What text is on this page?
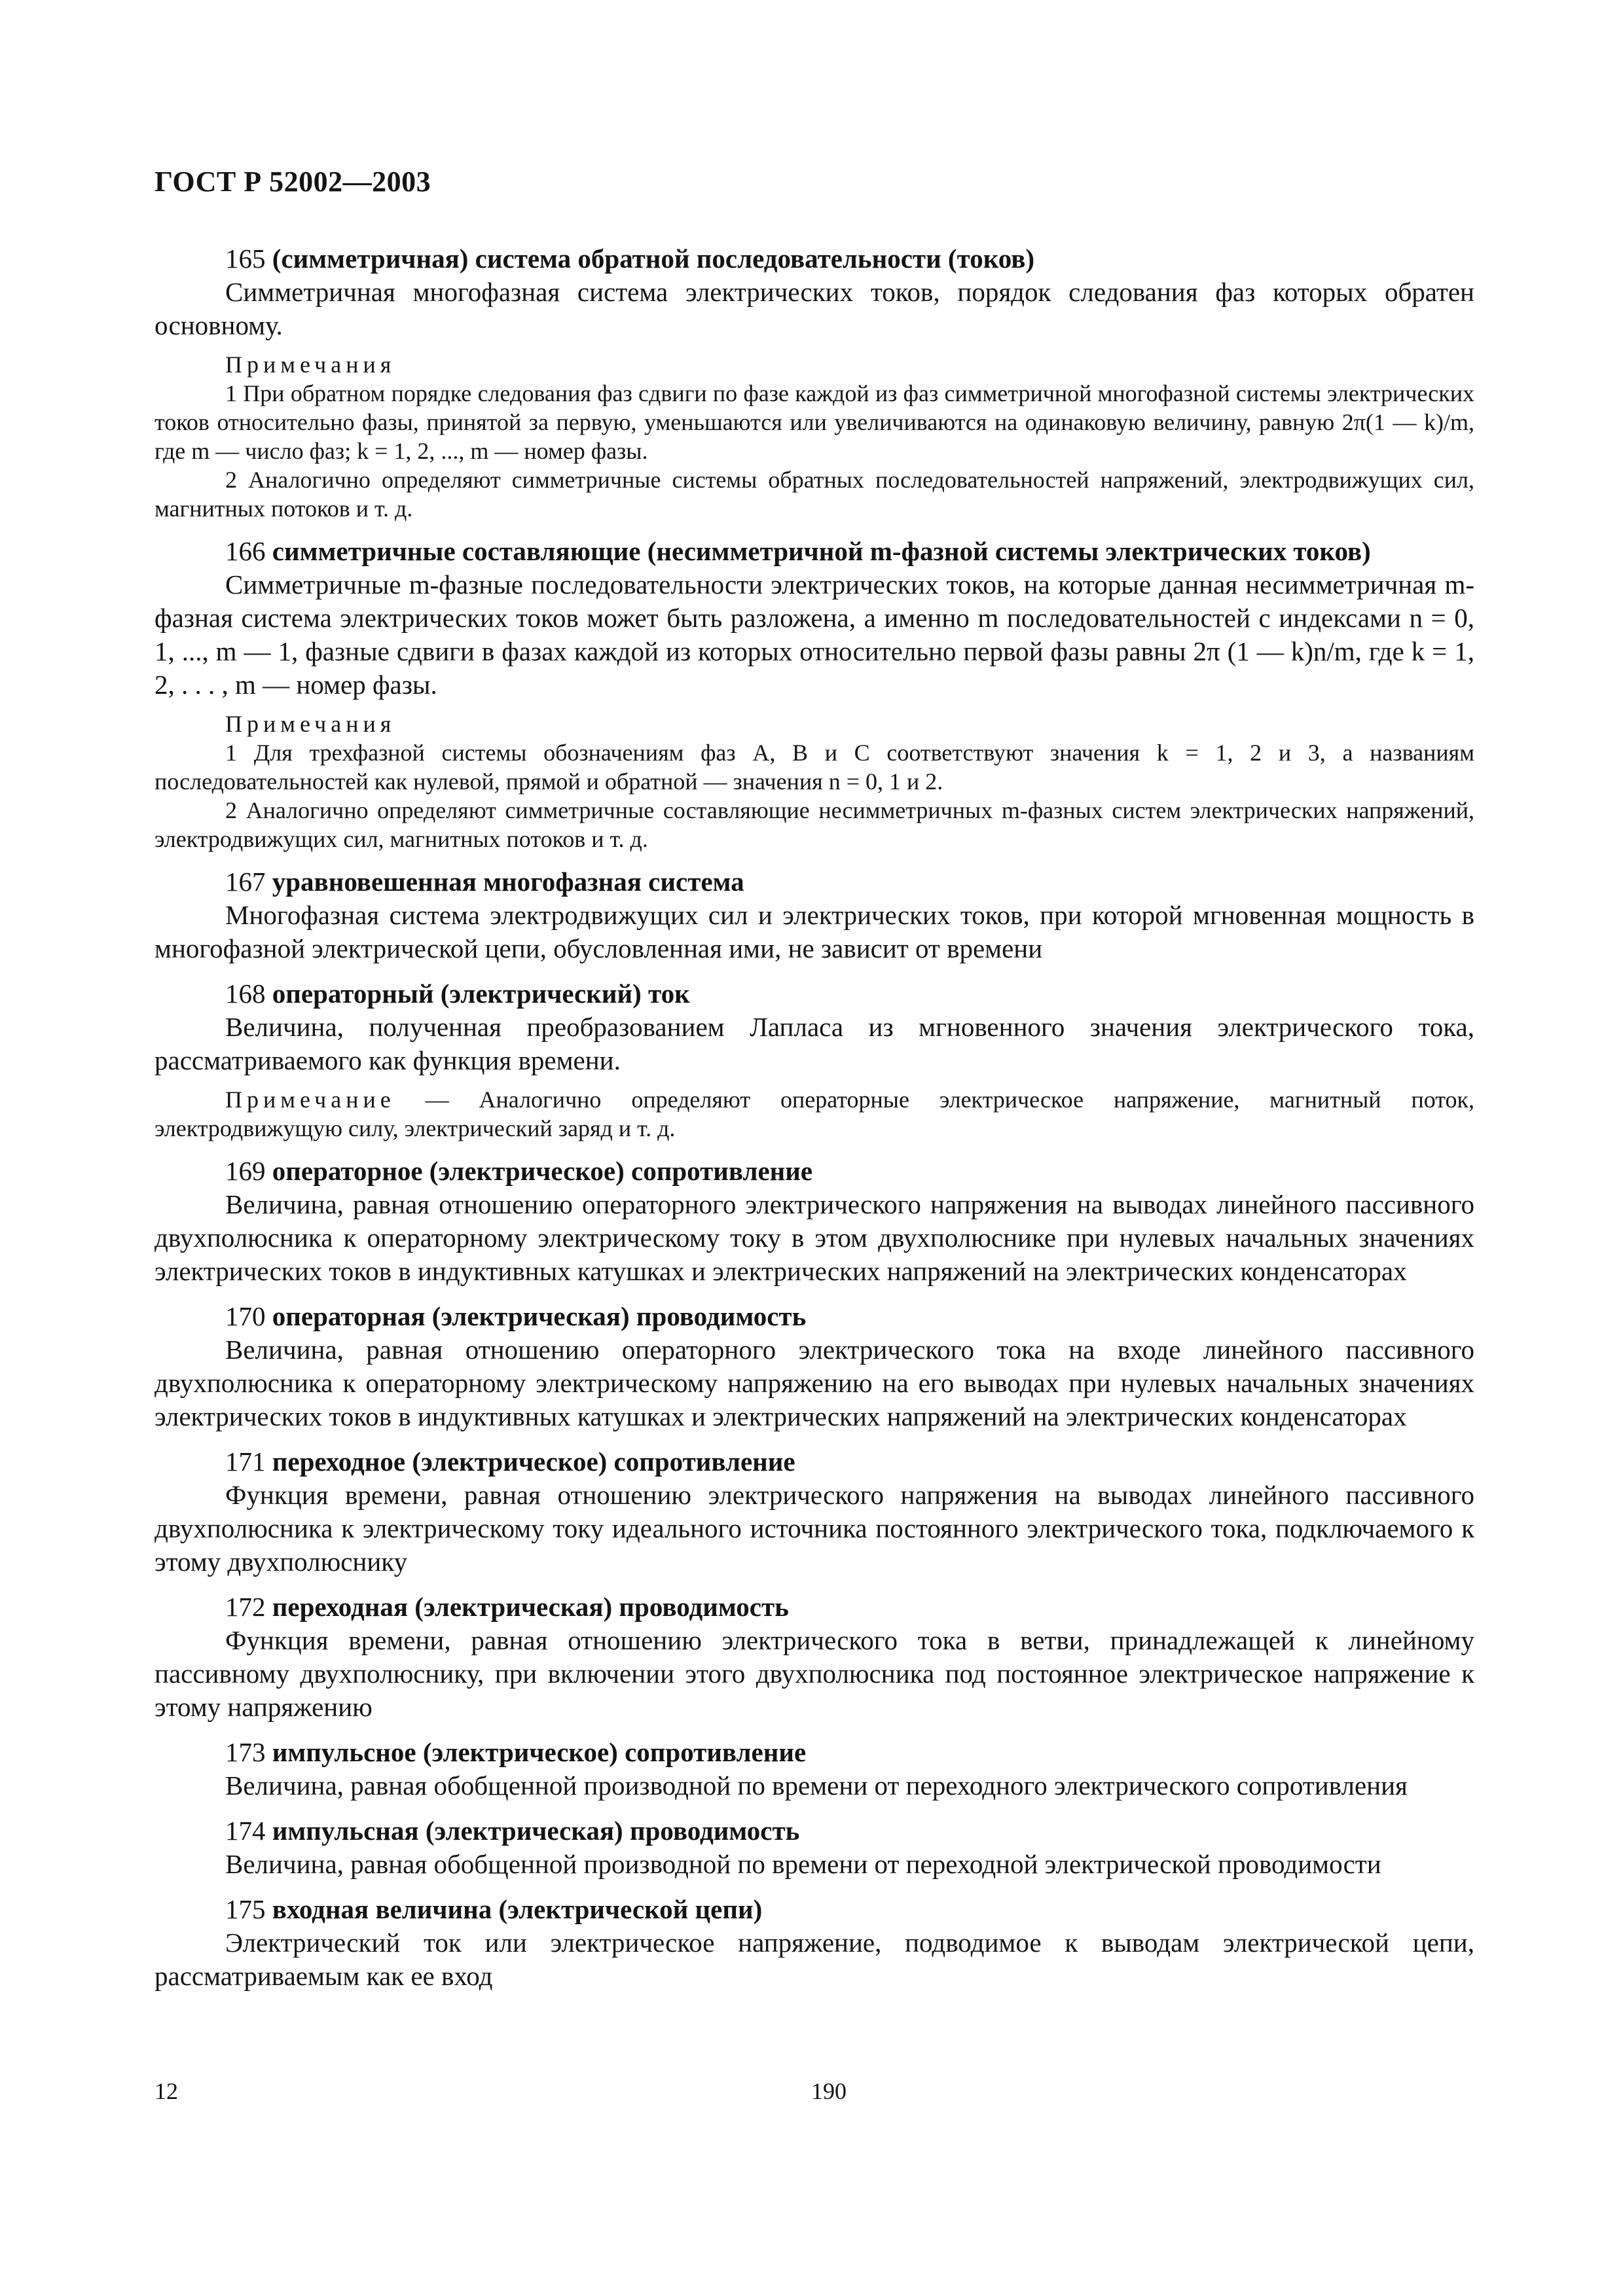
ГОСТ Р 52002—2003

165 (симметричная) система обратной последовательности (токов)

Симметричная многофазная система электрических токов, порядок следования фаз которых обратен основному.

Примечания

1 При обратном порядке следования фаз сдвиги по фазе каждой из фаз симметричной многофазной системы электрических токов относительно фазы, принятой за первую, уменьшаются или увеличиваются на одинаковую величину, равную 2π(1 — k)/m, где m — число фаз; k = 1, 2, ..., m — номер фазы.

2 Аналогично определяют симметричные системы обратных последовательностей напряжений, электродвижущих сил, магнитных потоков и т. д.

166 симметричные составляющие (несимметричной m-фазной системы электрических токов)

Симметричные m-фазные последовательности электрических токов, на которые данная несимметричная m-фазная система электрических токов может быть разложена, а именно m последовательностей с индексами n = 0, 1, ..., m — 1, фазные сдвиги в фазах каждой из которых относительно первой фазы равны 2π (1 — k)n/m, где k = 1, 2, . . . , m — номер фазы.

Примечания

1 Для трехфазной системы обозначениям фаз A, B и C соответствуют значения k = 1, 2 и 3, а названиям последовательностей как нулевой, прямой и обратной — значения n = 0, 1 и 2.

2 Аналогично определяют симметричные составляющие несимметричных m-фазных систем электрических напряжений, электродвижущих сил, магнитных потоков и т. д.

167 уравновешенная многофазная система

Многофазная система электродвижущих сил и электрических токов, при которой мгновенная мощность в многофазной электрической цепи, обусловленная ими, не зависит от времени

168 операторный (электрический) ток

Величина, полученная преобразованием Лапласа из мгновенного значения электрического тока, рассматриваемого как функция времени.

Примечание — Аналогично определяют операторные электрическое напряжение, магнитный поток, электродвижущую силу, электрический заряд и т. д.

169 операторное (электрическое) сопротивление

Величина, равная отношению операторного электрического напряжения на выводах линейного пассивного двухполюсника к операторному электрическому току в этом двухполюснике при нулевых начальных значениях электрических токов в индуктивных катушках и электрических напряжений на электрических конденсаторах

170 операторная (электрическая) проводимость

Величина, равная отношению операторного электрического тока на входе линейного пассивного двухполюсника к операторному электрическому напряжению на его выводах при нулевых начальных значениях электрических токов в индуктивных катушках и электрических напряжений на электрических конденсаторах

171 переходное (электрическое) сопротивление

Функция времени, равная отношению электрического напряжения на выводах линейного пассивного двухполюсника к электрическому току идеального источника постоянного электрического тока, подключаемого к этому двухполюснику

172 переходная (электрическая) проводимость

Функция времени, равная отношению электрического тока в ветви, принадлежащей к линейному пассивному двухполюснику, при включении этого двухполюсника под постоянное электрическое напряжение к этому напряжению

173 импульсное (электрическое) сопротивление

Величина, равная обобщенной производной по времени от переходного электрического сопротивления

174 импульсная (электрическая) проводимость

Величина, равная обобщенной производной по времени от переходной электрической проводимости

175 входная величина (электрической цепи)

Электрический ток или электрическое напряжение, подводимое к выводам электрической цепи, рассматриваемым как ее вход

12	190
